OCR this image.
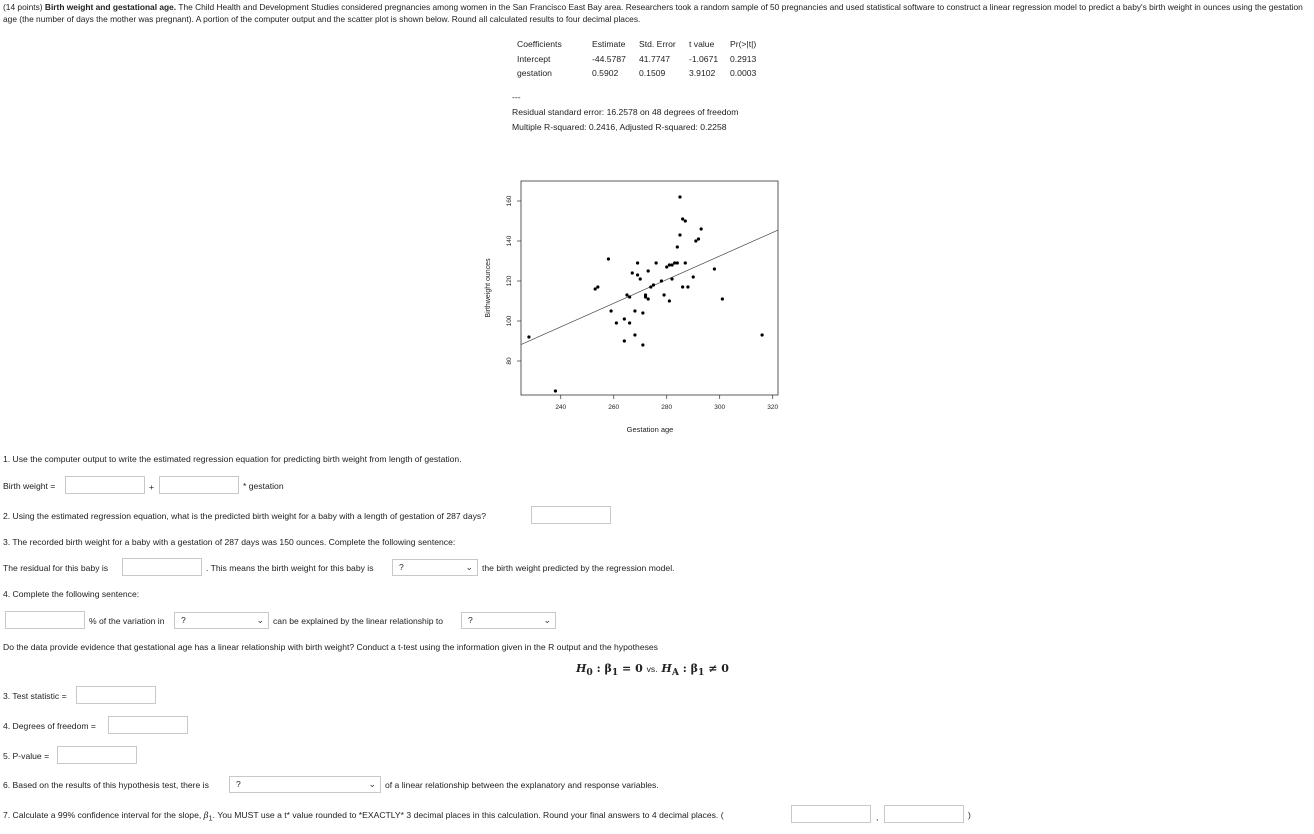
(14 points) Birth weight and gestational age. The Child Health and Development Studies considered pregnancies among women in the San Francisco East Bay area. Researchers took a random sample of 50 pregnancies and used statistical software to construct a linear regression model to predict a baby's birth weight in ounces using the gestation age (the number of days the mother was pregnant). A portion of the computer output and the scatter plot is shown below. Round all calculated results to four decimal places.
Coefficients	Estimate	Std. Error	t value	Pr(>|t|)
Intercept	-44.5787	41.7747	-1.0671	0.2913
gestation	0.5902	0.1509	3.9102	0.0003
---
Residual standard error: 16.2578 on 48 degrees of freedom
Multiple R-squared: 0.2416, Adjusted R-squared: 0.2258
240	260	280	300	320
80
100
120
140
160
Gestation age
Birthweight ounces
1. Use the computer output to write the estimated regression equation for predicting birth weight from length of gestation.
Birth weight =	+	* gestation
2. Using the estimated regression equation, what is the predicted birth weight for a baby with a length of gestation of 287 days?
3. The recorded birth weight for a baby with a gestation of 287 days was 150 ounces. Complete the following sentence:
The residual for this baby is	. This means the birth weight for this baby is	?	⌄ the birth weight predicted by the regression model.
4. Complete the following sentence:
% of the variation in	?	⌄ can be explained by the linear relationship to	?	⌄
Do the data provide evidence that gestational age has a linear relationship with birth weight? Conduct a t-test using the information given in the R output and the hypotheses
$H_0$ : $\beta_1 = 0$ vs. $H_A$ : $\beta_1 \ne 0$
3. Test statistic =
4. Degrees of freedom =
5. P-value =
6. Based on the results of this hypothesis test, there is	?	⌄ of a linear relationship between the explanatory and response variables.
7. Calculate a 99% confidence interval for the slope, $\beta_1$. You MUST use a t* value rounded to *EXACTLY* 3 decimal places in this calculation. Round your final answers to 4 decimal places. (	,	)
